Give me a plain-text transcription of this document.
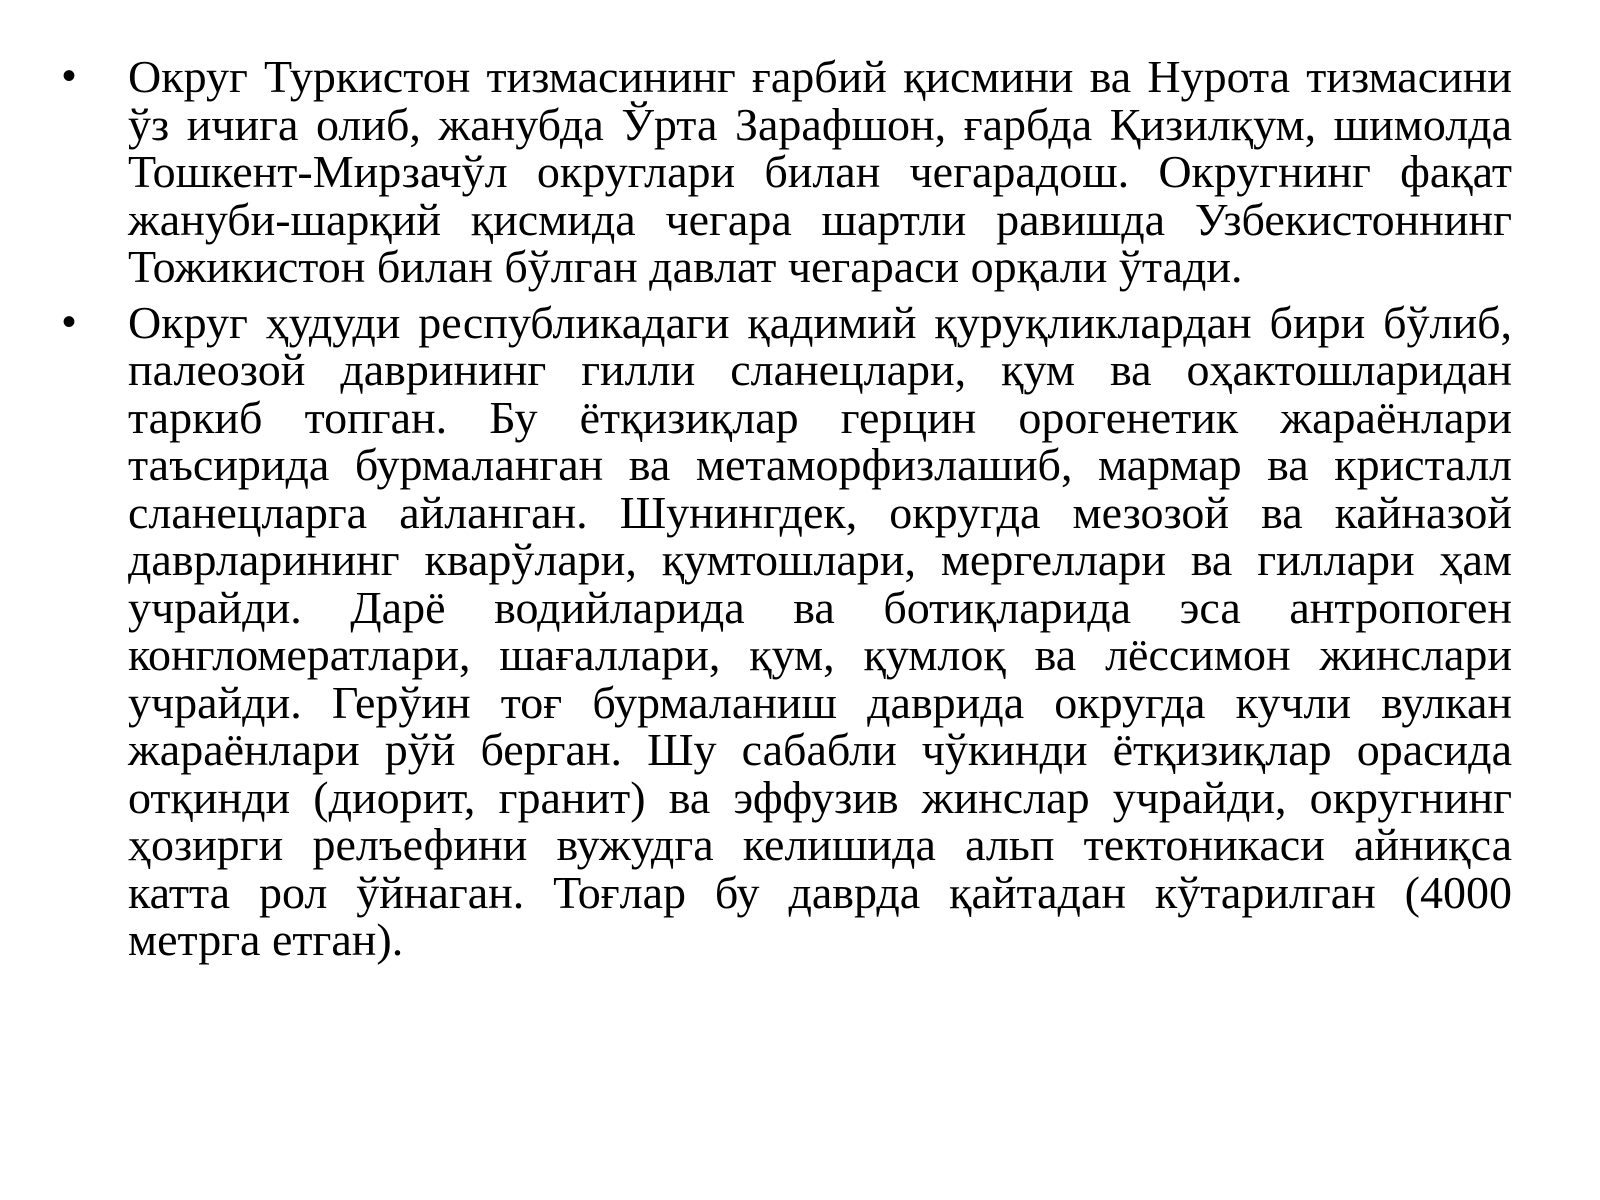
•	Округ Туркистон тизмасининг ғарбий қисмини ва Нурота тизмасини ўз ичига олиб, жанубда Ўрта Зарафшон, ғарбда Қизилқум, шимолда Тошкент-Мирзачўл округлари билан чегарадош. Округнинг фақат жануби-шарқий қисмида чегара шартли равишда Узбекистоннинг Тожикистон билан бўлган давлат чегараси орқали ўтади.
•	Округ ҳудуди республикадаги қадимий қуруқликлардан бири бўлиб, палеозой даврининг гилли сланецлари, қум ва оҳактошларидан таркиб топган. Бу ётқизиқлар герцин орогенетик жараёнлари таъсирида бурмаланган ва метаморфизлашиб, мармар ва кристалл сланецларга айланган. Шунингдек, округда мезозой ва кайназой даврларининг кварўлари, қумтошлари, мергеллари ва гиллари ҳам учрайди. Дарё водийларида ва ботиқларида эса антропоген конгломератлари, шағаллари, қум, қумлоқ ва лёссимон жинслари учрайди. Герўин тоғ бурмаланиш даврида округда кучли вулкан жараёнлари рўй берган. Шу сабабли чўкинди ётқизиқлар орасида отқинди (диорит, гранит) ва эффузив жинслар учрайди, округнинг ҳозирги релъефини вужудга келишида альп тектоникаси айниқса катта рол ўйнаган. Тоғлар бу даврда қайтадан кўтарилган (4000 метрга етган).
